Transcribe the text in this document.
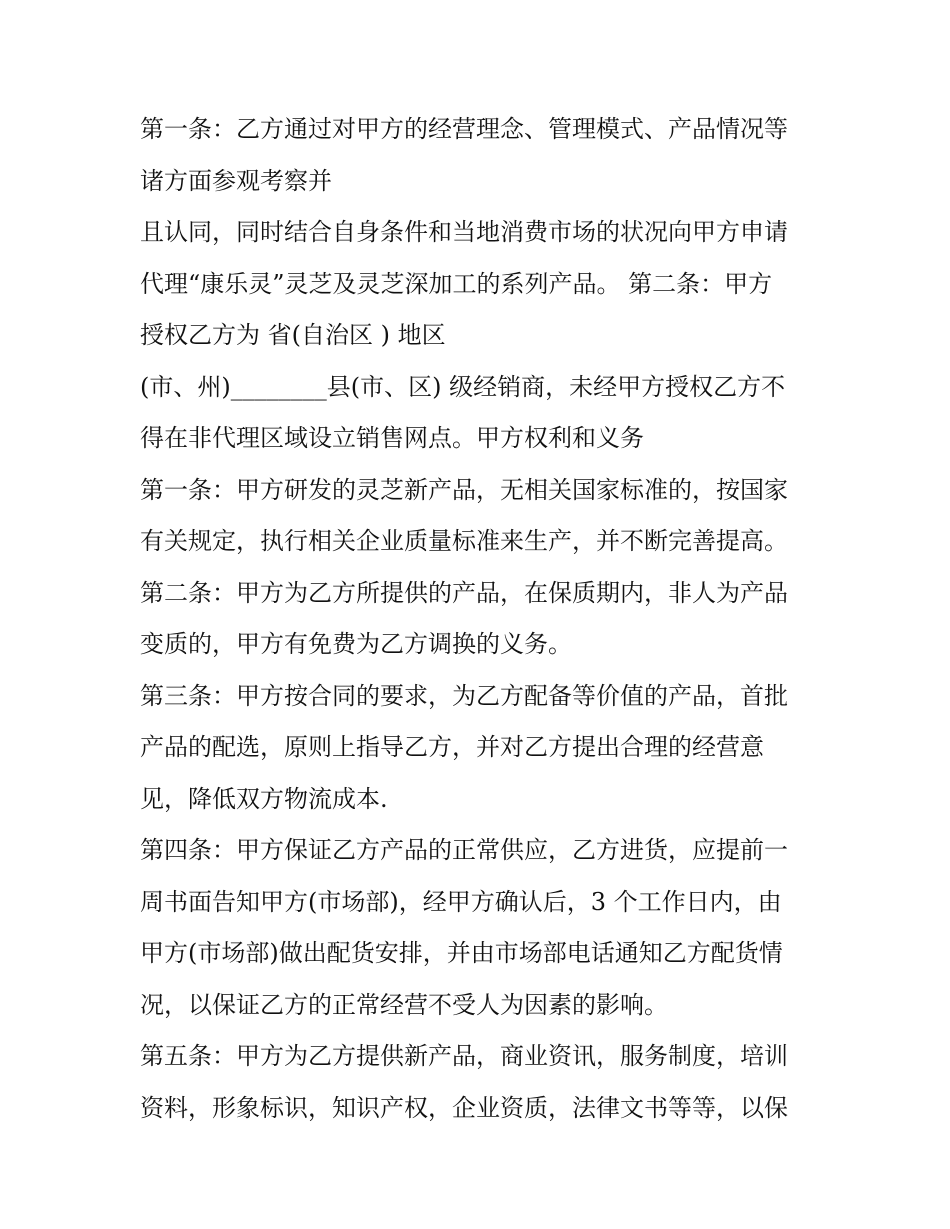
第一条：乙方通过对甲方的经营理念、管理模式、产品情况等
诸方面参观考察并
且认同，同时结合自身条件和当地消费市场的状况向甲方申请
代理“康乐灵”灵芝及灵芝深加工的系列产品。 第二条：甲方
授权乙方为 省(自治区 ) 地区
(市、州)________县(市、区) 级经销商，未经甲方授权乙方不
得在非代理区域设立销售网点。甲方权利和义务
第一条：甲方研发的灵芝新产品，无相关国家标准的，按国家
有关规定，执行相关企业质量标准来生产，并不断完善提高。
第二条：甲方为乙方所提供的产品，在保质期内，非人为产品
变质的，甲方有免费为乙方调换的义务。
第三条：甲方按合同的要求，为乙方配备等价值的产品，首批
产品的配选，原则上指导乙方，并对乙方提出合理的经营意
见，降低双方物流成本.
第四条：甲方保证乙方产品的正常供应，乙方进货，应提前一
周书面告知甲方(市场部)，经甲方确认后，3 个工作日内，由
甲方(市场部)做出配货安排，并由市场部电话通知乙方配货情
况，以保证乙方的正常经营不受人为因素的影响。
第五条：甲方为乙方提供新产品，商业资讯，服务制度，培训
资料，形象标识，知识产权，企业资质，法律文书等等，以保
